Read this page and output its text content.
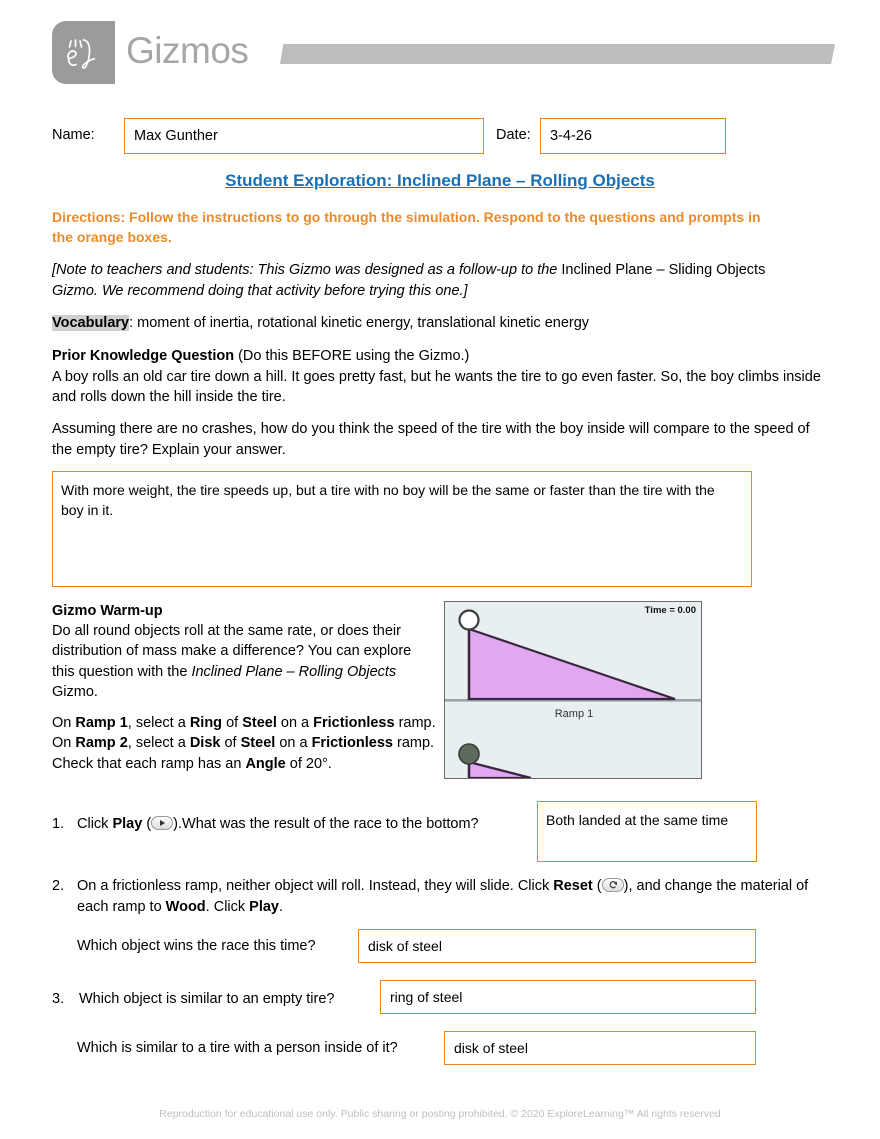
Gizmos
Name:	Max Gunther	Date: 3-4-26
Student Exploration: Inclined Plane – Rolling Objects
Directions: Follow the instructions to go through the simulation. Respond to the questions and prompts in the orange boxes.
[Note to teachers and students: This Gizmo was designed as a follow-up to the Inclined Plane – Sliding Objects Gizmo. We recommend doing that activity before trying this one.]
Vocabulary: moment of inertia, rotational kinetic energy, translational kinetic energy
Prior Knowledge Question (Do this BEFORE using the Gizmo.)
A boy rolls an old car tire down a hill. It goes pretty fast, but he wants the tire to go even faster. So, the boy climbs inside and rolls down the hill inside the tire.
Assuming there are no crashes, how do you think the speed of the tire with the boy inside will compare to the speed of the empty tire? Explain your answer.
With more weight, the tire speeds up, but a tire with no boy will be the same or faster than the tire with the boy in it.
Gizmo Warm-up
Do all round objects roll at the same rate, or does their distribution of mass make a difference? You can explore this question with the Inclined Plane – Rolling Objects Gizmo.
On Ramp 1, select a Ring of Steel on a Frictionless ramp. On Ramp 2, select a Disk of Steel on a Frictionless ramp. Check that each ramp has an Angle of 20°.
Time = 0.00
Ramp 1
1. Click Play ( ).What was the result of the race to the bottom?	Both landed at the same time
2. On a frictionless ramp, neither object will roll. Instead, they will slide. Click Reset ( ), and change the material of each ramp to Wood. Click Play.
Which object wins the race this time?	disk of steel
3. Which object is similar to an empty tire?	ring of steel
Which is similar to a tire with a person inside of it?	disk of steel
Reproduction for educational use only. Public sharing or posting prohibited. © 2020 ExploreLearning™ All rights reserved
